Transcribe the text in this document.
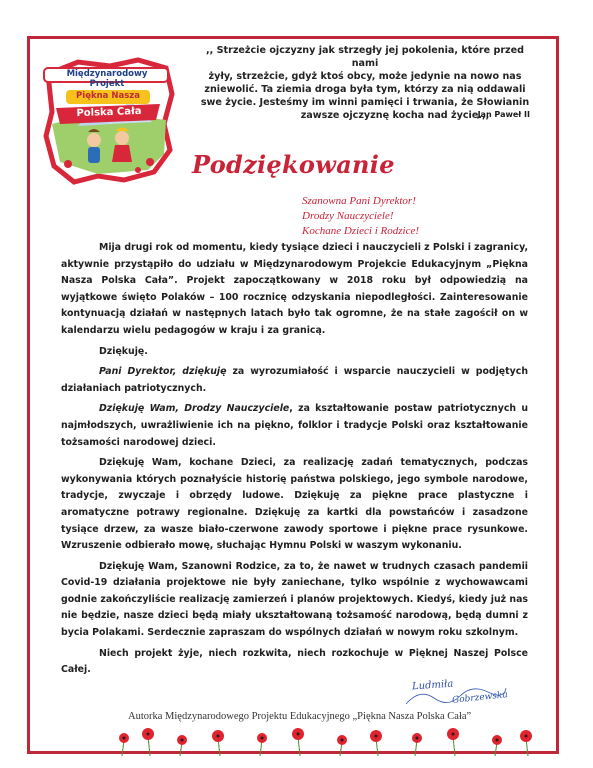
Międzynarodowy Projekt
Piękna Nasza
Polska Cała
,, Strzeżcie ojczyzny jak strzegły jej pokolenia, które przed nami
żyły, strzeżcie, gdyż ktoś obcy, może jedynie na nowo nas
zniewolić. Ta ziemia droga była tym, którzy za nią oddawali
swe życie. Jesteśmy im winni pamięci i trwania, że Słowianin
zawsze ojczyznę kocha nad życie.,,
Jan Paweł II
Podziękowanie
Szanowna Pani Dyrektor!
Drodzy Nauczyciele!
Kochane Dzieci i Rodzice!

Mija drugi rok od momentu, kiedy tysiące dzieci i nauczycieli z Polski i zagranicy, aktywnie przystąpiło do udziału w Międzynarodowym Projekcie Edukacyjnym „Piękna Nasza Polska Cała”. Projekt zapoczątkowany w 2018 roku był odpowiedzią na wyjątkowe święto Polaków – 100 rocznicę odzyskania niepodległości. Zainteresowanie kontynuacją działań w następnych latach było tak ogromne, że na stałe zagościł on w kalendarzu wielu pedagogów w kraju i za granicą.

Dziękuję.

Pani Dyrektor, dziękuję za wyrozumiałość i wsparcie nauczycieli w podjętych działaniach patriotycznych.

Dziękuję Wam, Drodzy Nauczyciele, za kształtowanie postaw patriotycznych u najmłodszych, uwrażliwienie ich na piękno, folklor i tradycje Polski oraz kształtowanie tożsamości narodowej dzieci.

Dziękuję Wam, kochane Dzieci, za realizację zadań tematycznych, podczas wykonywania których poznałyście historię państwa polskiego, jego symbole narodowe, tradycje, zwyczaje i obrzędy ludowe. Dziękuję za piękne prace plastyczne i aromatyczne potrawy regionalne. Dziękuję za kartki dla powstańców i zasadzone tysiące drzew, za wasze biało-czerwone zawody sportowe i piękne prace rysunkowe. Wzruszenie odbierało mowę, słuchając Hymnu Polski w waszym wykonaniu.

Dziękuję Wam, Szanowni Rodzice, za to, że nawet w trudnych czasach pandemii Covid-19 działania projektowe nie były zaniechane, tylko wspólnie z wychowawcami godnie zakończyliście realizację zamierzeń i planów projektowych. Kiedyś, kiedy już nas nie będzie, nasze dzieci będą miały ukształtowaną tożsamość narodową, będą dumni z bycia Polakami. Serdecznie zapraszam do wspólnych działań w nowym roku szkolnym.

Niech projekt żyje, niech rozkwita, niech rozkochuje w Pięknej Naszej Polsce Całej.

Ludmiła
Gobrzewska
Autorka Międzynarodowego Projektu Edukacyjnego „Piękna Nasza Polska Cała”
